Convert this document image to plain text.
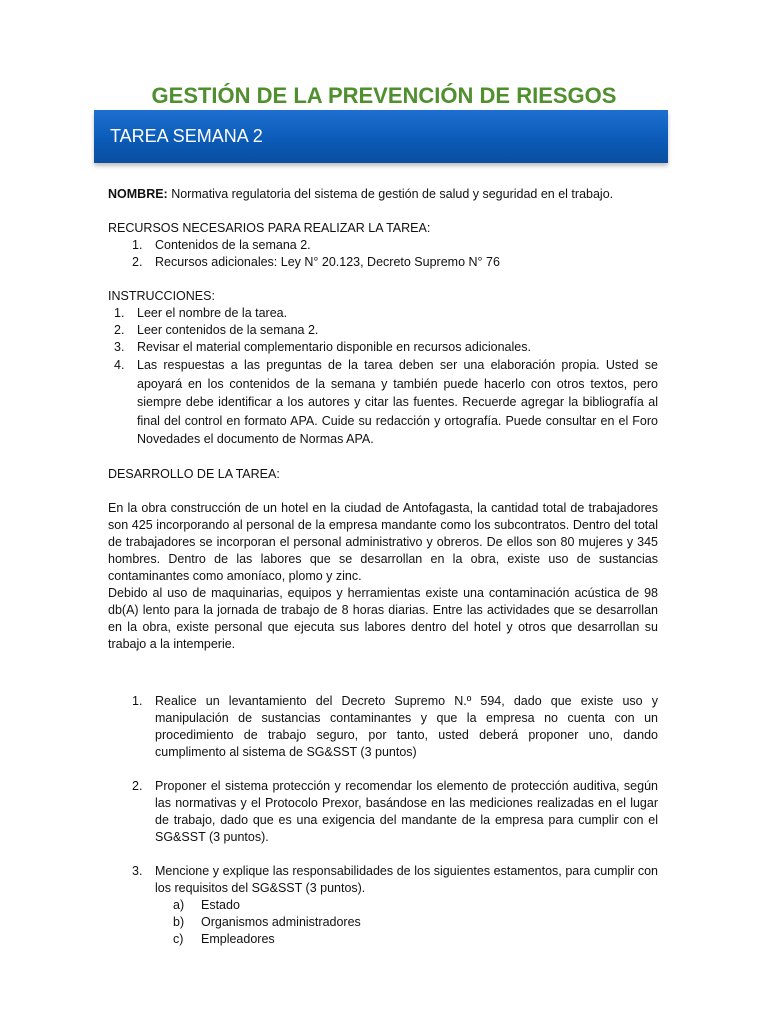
GESTIÓN DE LA PREVENCIÓN DE RIESGOS
TAREA SEMANA 2

NOMBRE: Normativa regulatoria del sistema de gestión de salud y seguridad en el trabajo.

RECURSOS NECESARIOS PARA REALIZAR LA TAREA:

1.	Contenidos de la semana 2.
2.	Recursos adicionales: Ley N° 20.123, Decreto Supremo N° 76

INSTRUCCIONES:

1.	Leer el nombre de la tarea.
2.	Leer contenidos de la semana 2.
3.	Revisar el material complementario disponible en recursos adicionales.
4.	Las respuestas a las preguntas de la tarea deben ser una elaboración propia. Usted se apoyará en los contenidos de la semana y también puede hacerlo con otros textos, pero siempre debe identificar a los autores y citar las fuentes. Recuerde agregar la bibliografía al final del control en formato APA. Cuide su redacción y ortografía. Puede consultar en el Foro Novedades el documento de Normas APA.

DESARROLLO DE LA TAREA:

En la obra construcción de un hotel en la ciudad de Antofagasta, la cantidad total de trabajadores son 425 incorporando al personal de la empresa mandante como los subcontratos. Dentro del total de trabajadores se incorporan el personal administrativo y obreros. De ellos son 80 mujeres y 345 hombres. Dentro de las labores que se desarrollan en la obra, existe uso de sustancias contaminantes como amoníaco, plomo y zinc.

Debido al uso de maquinarias, equipos y herramientas existe una contaminación acústica de 98 db(A) lento para la jornada de trabajo de 8 horas diarias. Entre las actividades que se desarrollan en la obra, existe personal que ejecuta sus labores dentro del hotel y otros que desarrollan su trabajo a la intemperie.

1.	Realice un levantamiento del Decreto Supremo N.º 594, dado que existe uso y manipulación de sustancias contaminantes y que la empresa no cuenta con un procedimiento de trabajo seguro, por tanto, usted deberá proponer uno, dando cumplimento al sistema de SG&SST (3 puntos)
2.	Proponer el sistema protección y recomendar los elemento de protección auditiva, según las normativas y el Protocolo Prexor, basándose en las mediciones realizadas en el lugar de trabajo, dado que es una exigencia del mandante de la empresa para cumplir con el SG&SST (3 puntos).
3.	Mencione y explique las responsabilidades de los siguientes estamentos, para cumplir con los requisitos del SG&SST (3 puntos).
a)	Estado
b)	Organismos administradores
c)	Empleadores
